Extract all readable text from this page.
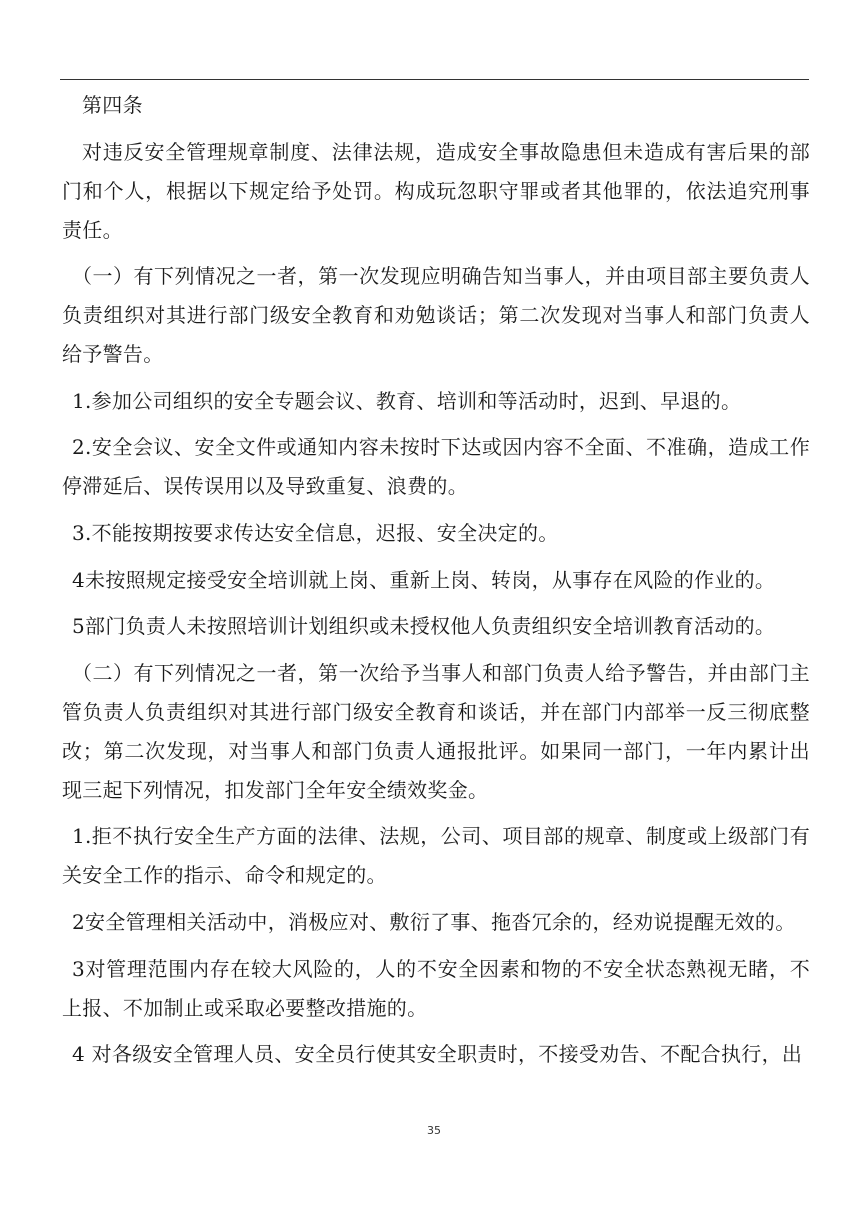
第四条

对违反安全管理规章制度、法律法规，造成安全事故隐患但未造成有害后果的部门和个人，根据以下规定给予处罚。构成玩忽职守罪或者其他罪的，依法追究刑事责任。

（一）有下列情况之一者，第一次发现应明确告知当事人，并由项目部主要负责人负责组织对其进行部门级安全教育和劝勉谈话；第二次发现对当事人和部门负责人给予警告。

1.参加公司组织的安全专题会议、教育、培训和等活动时，迟到、早退的。

2.安全会议、安全文件或通知内容未按时下达或因内容不全面、不准确，造成工作停滞延后、误传误用以及导致重复、浪费的。

3.不能按期按要求传达安全信息，迟报、安全决定的。

4未按照规定接受安全培训就上岗、重新上岗、转岗，从事存在风险的作业的。

5部门负责人未按照培训计划组织或未授权他人负责组织安全培训教育活动的。

（二）有下列情况之一者，第一次给予当事人和部门负责人给予警告，并由部门主管负责人负责组织对其进行部门级安全教育和谈话，并在部门内部举一反三彻底整改；第二次发现，对当事人和部门负责人通报批评。如果同一部门，一年内累计出现三起下列情况，扣发部门全年安全绩效奖金。

1.拒不执行安全生产方面的法律、法规，公司、项目部的规章、制度或上级部门有关安全工作的指示、命令和规定的。

2安全管理相关活动中，消极应对、敷衍了事、拖沓冗余的，经劝说提醒无效的。

3对管理范围内存在较大风险的，人的不安全因素和物的不安全状态熟视无睹，不上报、不加制止或采取必要整改措施的。

4 对各级安全管理人员、安全员行使其安全职责时，不接受劝告、不配合执行，出

35
